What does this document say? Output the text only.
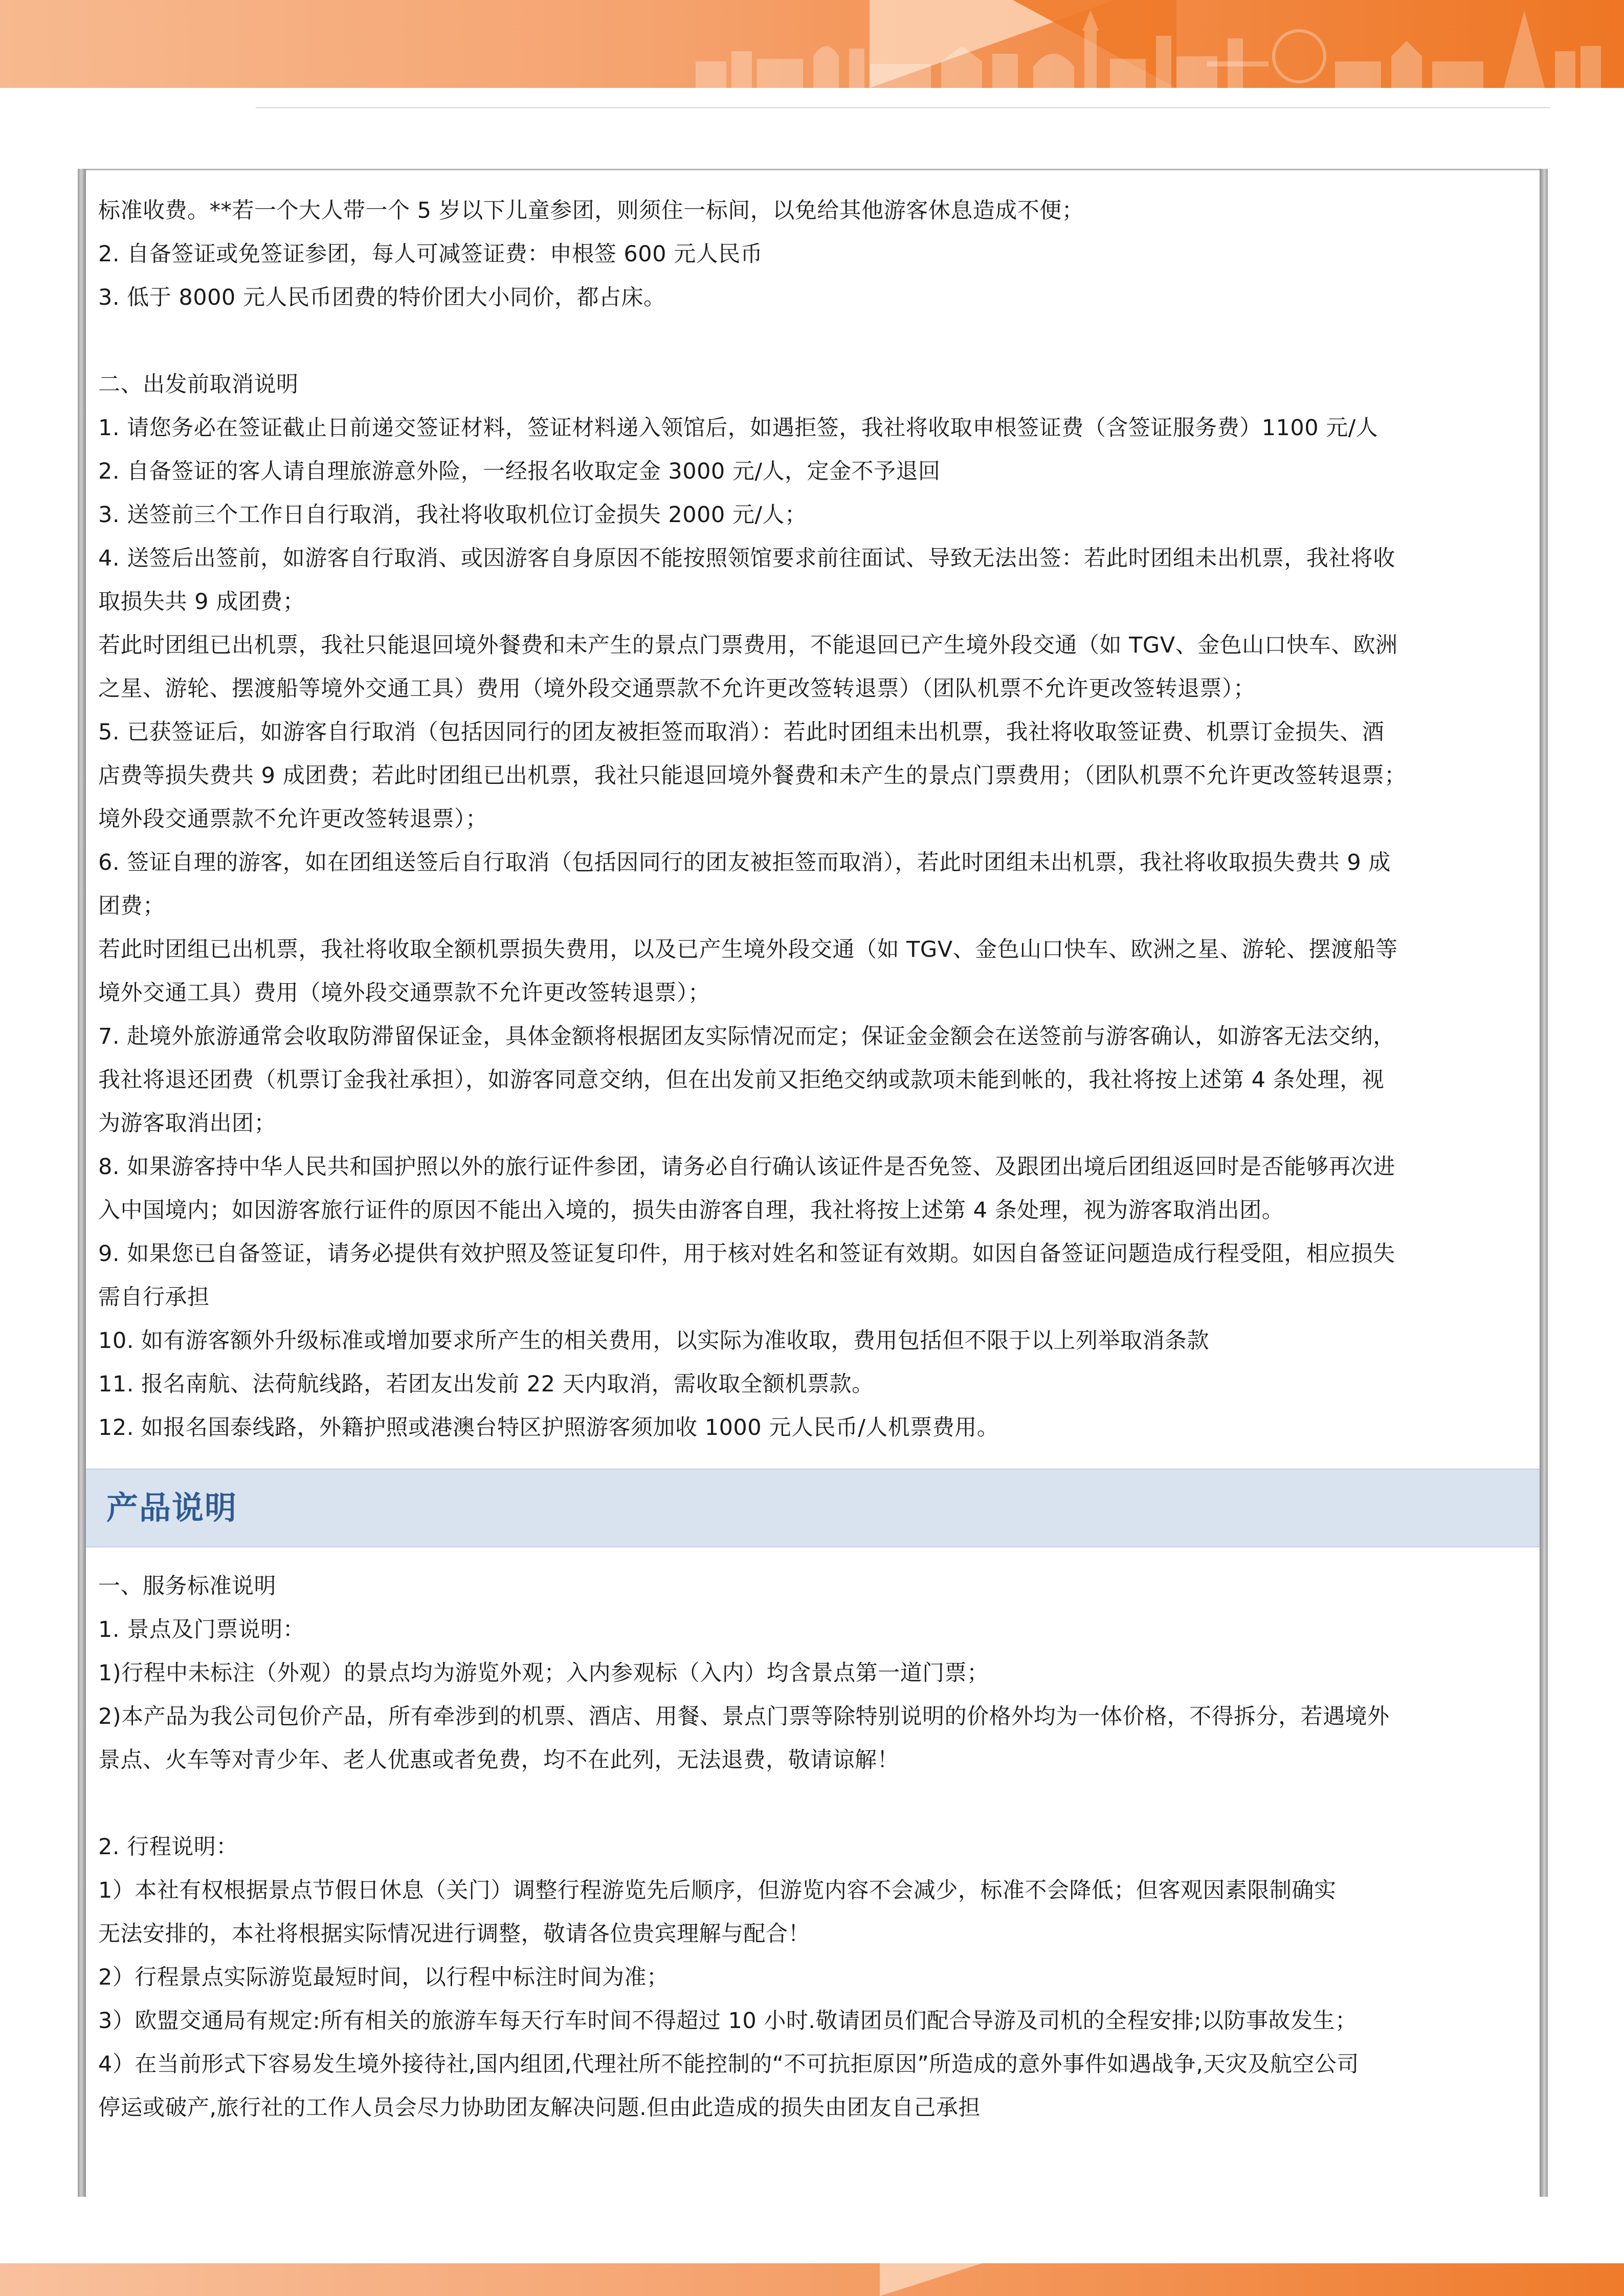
标准收费。**若一个大人带一个 5 岁以下儿童参团，则须住一标间，以免给其他游客休息造成不便；
2. 自备签证或免签证参团，每人可减签证费：申根签 600 元人民币
3. 低于 8000 元人民币团费的特价团大小同价，都占床。
二、出发前取消说明
1. 请您务必在签证截止日前递交签证材料，签证材料递入领馆后，如遇拒签，我社将收取申根签证费（含签证服务费）1100 元/人
2. 自备签证的客人请自理旅游意外险，一经报名收取定金 3000 元/人，定金不予退回
3. 送签前三个工作日自行取消，我社将收取机位订金损失 2000 元/人；
4. 送签后出签前，如游客自行取消、或因游客自身原因不能按照领馆要求前往面试、导致无法出签：若此时团组未出机票，我社将收
取损失共 9 成团费；
若此时团组已出机票，我社只能退回境外餐费和未产生的景点门票费用，不能退回已产生境外段交通（如 TGV、金色山口快车、欧洲
之星、游轮、摆渡船等境外交通工具）费用（境外段交通票款不允许更改签转退票）（团队机票不允许更改签转退票）；
5. 已获签证后，如游客自行取消（包括因同行的团友被拒签而取消）：若此时团组未出机票，我社将收取签证费、机票订金损失、酒
店费等损失费共 9 成团费；若此时团组已出机票，我社只能退回境外餐费和未产生的景点门票费用；（团队机票不允许更改签转退票；
境外段交通票款不允许更改签转退票）；
6. 签证自理的游客，如在团组送签后自行取消（包括因同行的团友被拒签而取消），若此时团组未出机票，我社将收取损失费共 9 成
团费；
若此时团组已出机票，我社将收取全额机票损失费用，以及已产生境外段交通（如 TGV、金色山口快车、欧洲之星、游轮、摆渡船等
境外交通工具）费用（境外段交通票款不允许更改签转退票）；
7. 赴境外旅游通常会收取防滞留保证金，具体金额将根据团友实际情况而定；保证金金额会在送签前与游客确认，如游客无法交纳，
我社将退还团费（机票订金我社承担），如游客同意交纳，但在出发前又拒绝交纳或款项未能到帐的，我社将按上述第 4 条处理，视
为游客取消出团；
8. 如果游客持中华人民共和国护照以外的旅行证件参团，请务必自行确认该证件是否免签、及跟团出境后团组返回时是否能够再次进
入中国境内；如因游客旅行证件的原因不能出入境的，损失由游客自理，我社将按上述第 4 条处理，视为游客取消出团。
9. 如果您已自备签证，请务必提供有效护照及签证复印件，用于核对姓名和签证有效期。如因自备签证问题造成行程受阻，相应损失
需自行承担
10. 如有游客额外升级标准或增加要求所产生的相关费用，以实际为准收取，费用包括但不限于以上列举取消条款
11. 报名南航、法荷航线路，若团友出发前 22 天内取消，需收取全额机票款。
12. 如报名国泰线路，外籍护照或港澳台特区护照游客须加收 1000 元人民币/人机票费用。
产品说明
一、服务标准说明
1. 景点及门票说明：
1)行程中未标注（外观）的景点均为游览外观；入内参观标（入内）均含景点第一道门票；
2)本产品为我公司包价产品，所有牵涉到的机票、酒店、用餐、景点门票等除特别说明的价格外均为一体价格，不得拆分，若遇境外
景点、火车等对青少年、老人优惠或者免费，均不在此列，无法退费，敬请谅解！
2. 行程说明：
1）本社有权根据景点节假日休息（关门）调整行程游览先后顺序，但游览内容不会减少，标准不会降低；但客观因素限制确实
无法安排的，本社将根据实际情况进行调整，敬请各位贵宾理解与配合！
2）行程景点实际游览最短时间，以行程中标注时间为准；
3）欧盟交通局有规定:所有相关的旅游车每天行车时间不得超过 10 小时.敬请团员们配合导游及司机的全程安排;以防事故发生；
4）在当前形式下容易发生境外接待社,国内组团,代理社所不能控制的“不可抗拒原因”所造成的意外事件如遇战争,天灾及航空公司
停运或破产,旅行社的工作人员会尽力协助团友解决问题.但由此造成的损失由团友自己承担
